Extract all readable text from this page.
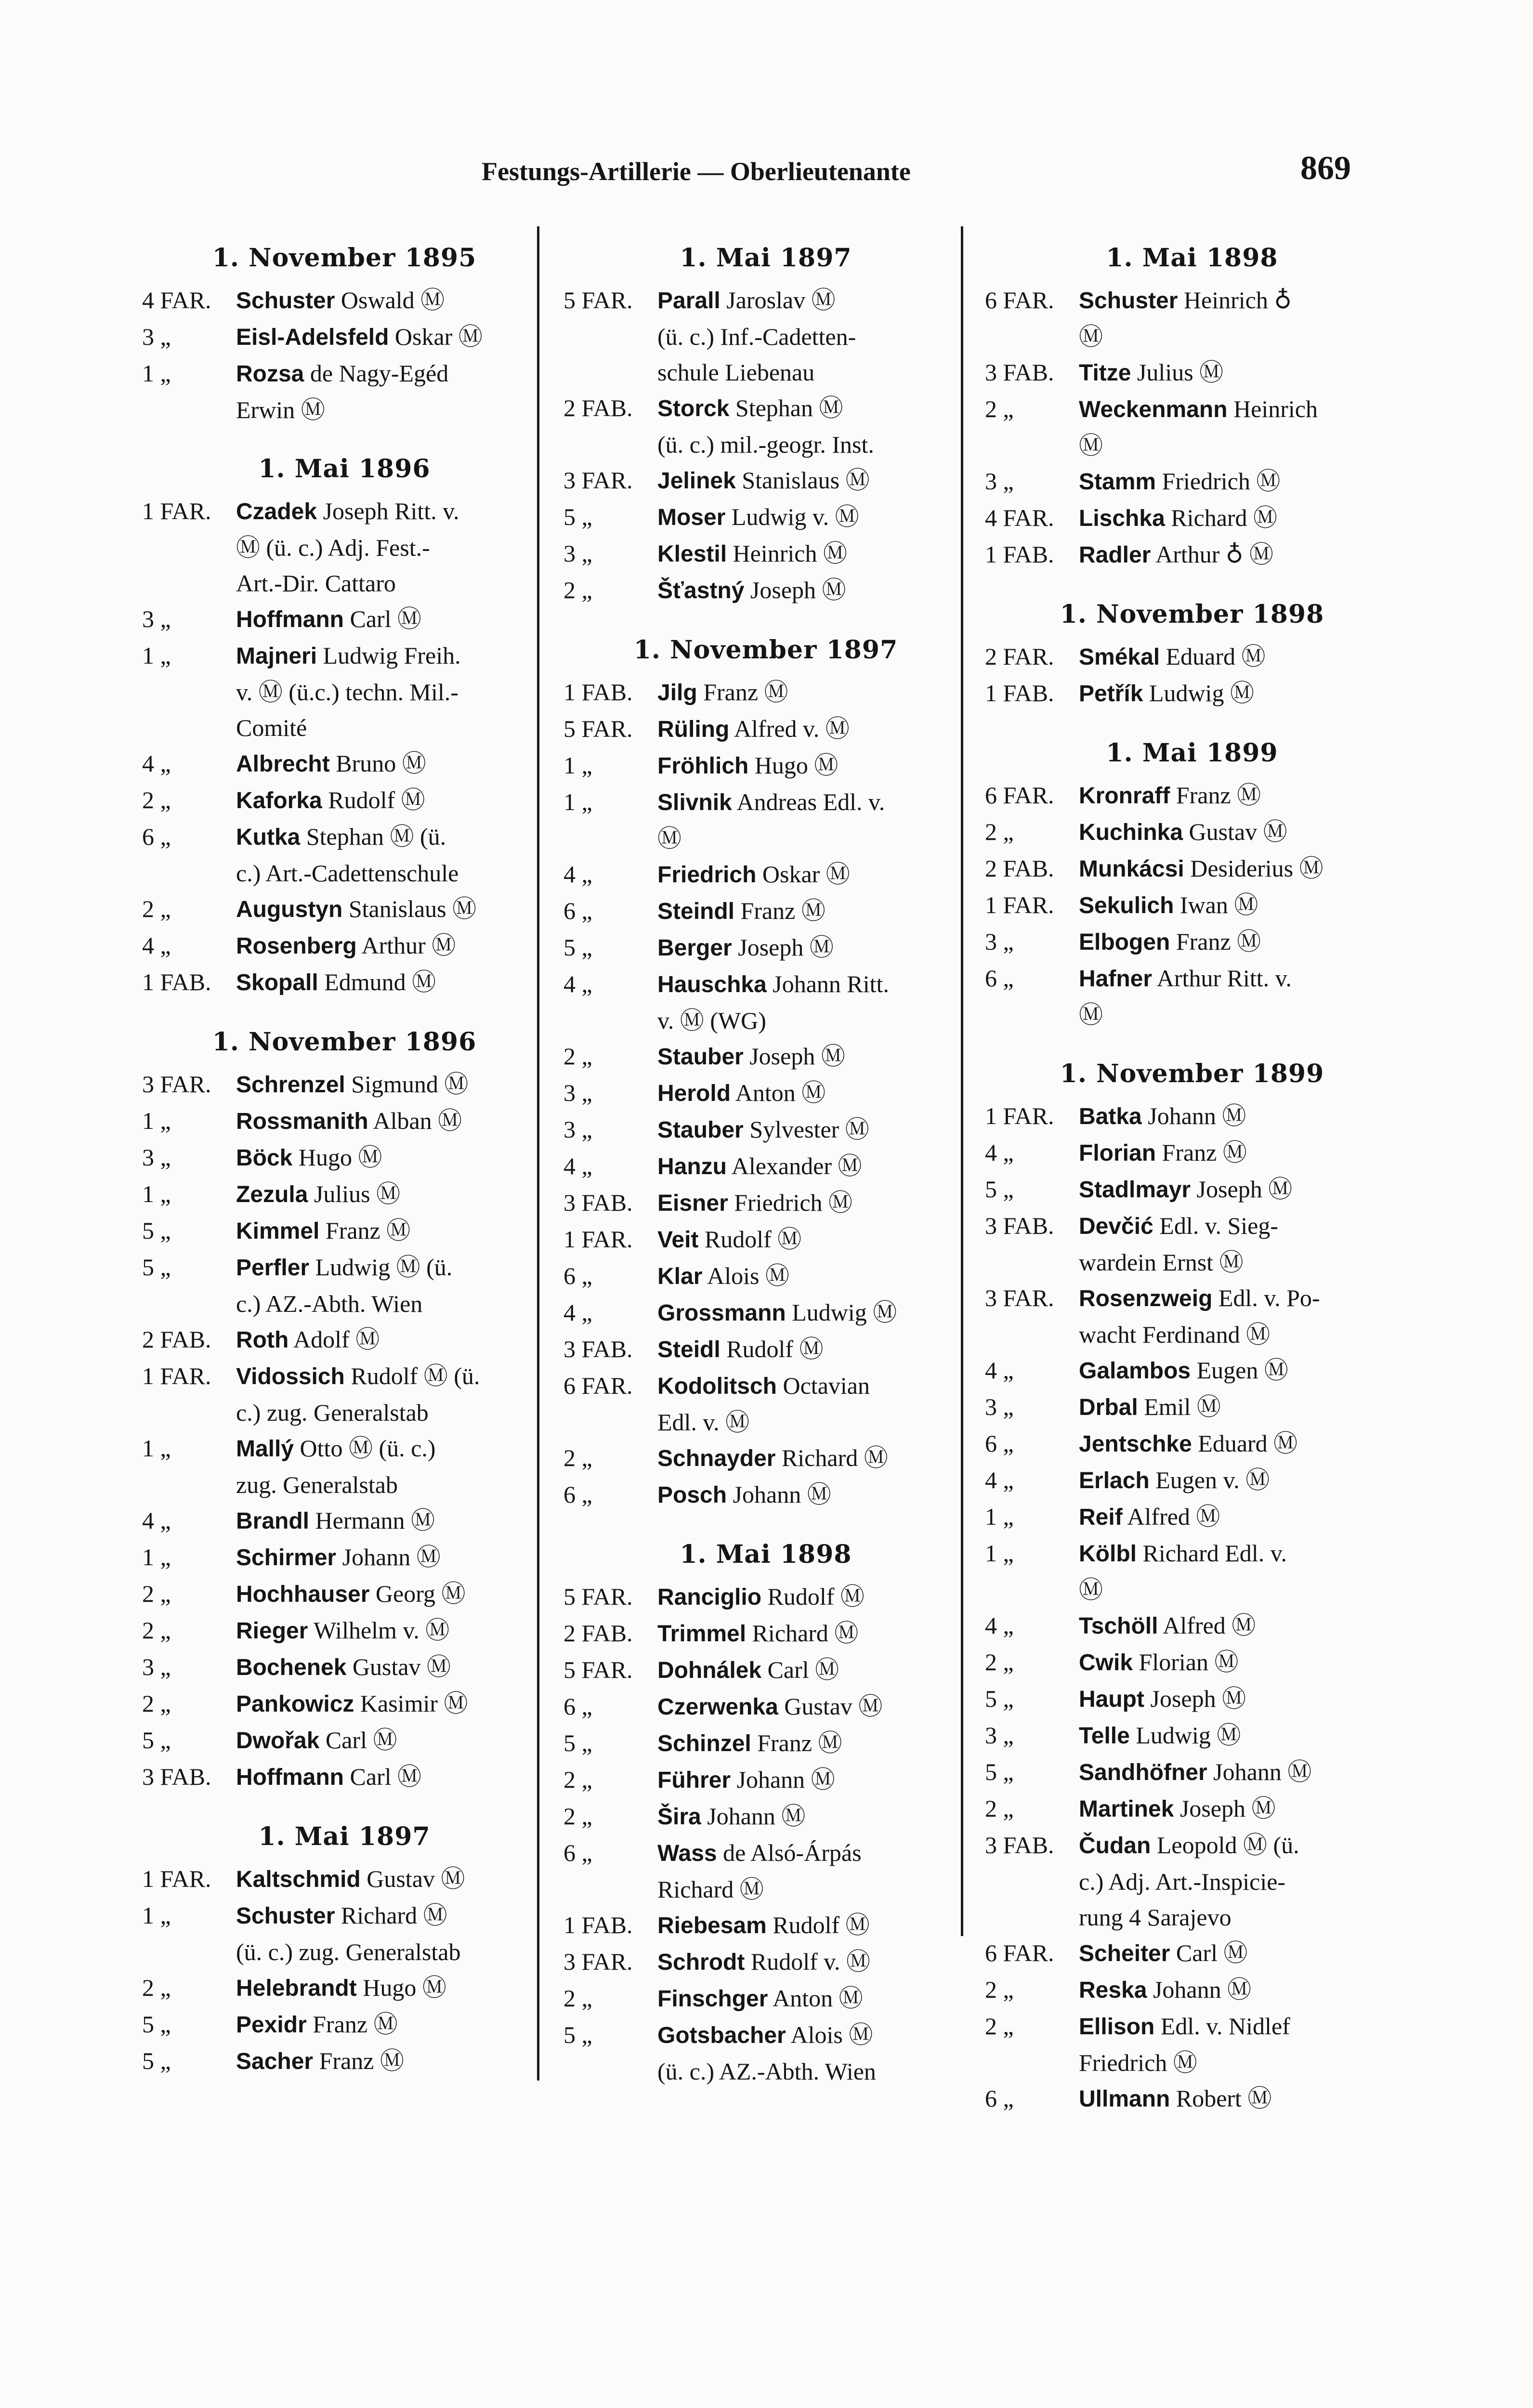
Festungs-Artillerie — Oberlieutenante	869
1. November 1895
4 FAR.	Schuster Oswald Ⓜ
3 „	Eisl-Adelsfeld Oskar Ⓜ
1 „	Rozsa de Nagy-Egéd
Erwin Ⓜ
1. Mai 1896
1 FAR.	Czadek Joseph Ritt. v.
Ⓜ (ü. c.) Adj. Fest.-
Art.-Dir. Cattaro
3 „	Hoffmann Carl Ⓜ
1 „	Majneri Ludwig Freih.
v. Ⓜ (ü.c.) techn. Mil.-
Comité
4 „	Albrecht Bruno Ⓜ
2 „	Kaforka Rudolf Ⓜ
6 „	Kutka Stephan Ⓜ (ü.
c.) Art.-Cadettenschule
2 „	Augustyn Stanislaus Ⓜ
4 „	Rosenberg Arthur Ⓜ
1 FAB.	Skopall Edmund Ⓜ
1. November 1896
3 FAR.	Schrenzel Sigmund Ⓜ
1 „	Rossmanith Alban Ⓜ
3 „	Böck Hugo Ⓜ
1 „	Zezula Julius Ⓜ
5 „	Kimmel Franz Ⓜ
5 „	Perfler Ludwig Ⓜ (ü.
c.) AZ.-Abth. Wien
2 FAB.	Roth Adolf Ⓜ
1 FAR.	Vidossich Rudolf Ⓜ (ü.
c.) zug. Generalstab
1 „	Mallý Otto Ⓜ (ü. c.)
zug. Generalstab
4 „	Brandl Hermann Ⓜ
1 „	Schirmer Johann Ⓜ
2 „	Hochhauser Georg Ⓜ
2 „	Rieger Wilhelm v. Ⓜ
3 „	Bochenek Gustav Ⓜ
2 „	Pankowicz Kasimir Ⓜ
5 „	Dwořak Carl Ⓜ
3 FAB.	Hoffmann Carl Ⓜ
1. Mai 1897
1 FAR.	Kaltschmid Gustav Ⓜ
1 „	Schuster Richard Ⓜ
(ü. c.) zug. Generalstab
2 „	Helebrandt Hugo Ⓜ
5 „	Pexidr Franz Ⓜ
5 „	Sacher Franz Ⓜ
1. Mai 1897
5 FAR.	Parall Jaroslav Ⓜ
(ü. c.) Inf.-Cadetten-
schule Liebenau
2 FAB.	Storck Stephan Ⓜ
(ü. c.) mil.-geogr. Inst.
3 FAR.	Jelinek Stanislaus Ⓜ
5 „	Moser Ludwig v. Ⓜ
3 „	Klestil Heinrich Ⓜ
2 „	Šťastný Joseph Ⓜ
1. November 1897
1 FAB.	Jilg Franz Ⓜ
5 FAR.	Rüling Alfred v. Ⓜ
1 „	Fröhlich Hugo Ⓜ
1 „	Slivnik Andreas Edl. v.
Ⓜ
4 „	Friedrich Oskar Ⓜ
6 „	Steindl Franz Ⓜ
5 „	Berger Joseph Ⓜ
4 „	Hauschka Johann Ritt.
v. Ⓜ (WG)
2 „	Stauber Joseph Ⓜ
3 „	Herold Anton Ⓜ
3 „	Stauber Sylvester Ⓜ
4 „	Hanzu Alexander Ⓜ
3 FAB.	Eisner Friedrich Ⓜ
1 FAR.	Veit Rudolf Ⓜ
6 „	Klar Alois Ⓜ
4 „	Grossmann Ludwig Ⓜ
3 FAB.	Steidl Rudolf Ⓜ
6 FAR.	Kodolitsch Octavian
Edl. v. Ⓜ
2 „	Schnayder Richard Ⓜ
6 „	Posch Johann Ⓜ
1. Mai 1898
5 FAR.	Ranciglio Rudolf Ⓜ
2 FAB.	Trimmel Richard Ⓜ
5 FAR.	Dohnálek Carl Ⓜ
6 „	Czerwenka Gustav Ⓜ
5 „	Schinzel Franz Ⓜ
2 „	Führer Johann Ⓜ
2 „	Šira Johann Ⓜ
6 „	Wass de Alsó-Árpás
Richard Ⓜ
1 FAB.	Riebesam Rudolf Ⓜ
3 FAR.	Schrodt Rudolf v. Ⓜ
2 „	Finschger Anton Ⓜ
5 „	Gotsbacher Alois Ⓜ
(ü. c.) AZ.-Abth. Wien
1. Mai 1898
6 FAR.	Schuster Heinrich ♁
Ⓜ
3 FAB.	Titze Julius Ⓜ
2 „	Weckenmann Heinrich
Ⓜ
3 „	Stamm Friedrich Ⓜ
4 FAR.	Lischka Richard Ⓜ
1 FAB.	Radler Arthur ♁ Ⓜ
1. November 1898
2 FAR.	Smékal Eduard Ⓜ
1 FAB.	Petřík Ludwig Ⓜ
1. Mai 1899
6 FAR.	Kronraff Franz Ⓜ
2 „	Kuchinka Gustav Ⓜ
2 FAB.	Munkácsi Desiderius Ⓜ
1 FAR.	Sekulich Iwan Ⓜ
3 „	Elbogen Franz Ⓜ
6 „	Hafner Arthur Ritt. v.
Ⓜ
1. November 1899
1 FAR.	Batka Johann Ⓜ
4 „	Florian Franz Ⓜ
5 „	Stadlmayr Joseph Ⓜ
3 FAB.	Devčić Edl. v. Sieg-
wardein Ernst Ⓜ
3 FAR.	Rosenzweig Edl. v. Po-
wacht Ferdinand Ⓜ
4 „	Galambos Eugen Ⓜ
3 „	Drbal Emil Ⓜ
6 „	Jentschke Eduard Ⓜ
4 „	Erlach Eugen v. Ⓜ
1 „	Reif Alfred Ⓜ
1 „	Kölbl Richard Edl. v.
Ⓜ
4 „	Tschöll Alfred Ⓜ
2 „	Cwik Florian Ⓜ
5 „	Haupt Joseph Ⓜ
3 „	Telle Ludwig Ⓜ
5 „	Sandhöfner Johann Ⓜ
2 „	Martinek Joseph Ⓜ
3 FAB.	Čudan Leopold Ⓜ (ü.
c.) Adj. Art.-Inspicie-
rung 4 Sarajevo
6 FAR.	Scheiter Carl Ⓜ
2 „	Reska Johann Ⓜ
2 „	Ellison Edl. v. Nidlef
Friedrich Ⓜ
6 „	Ullmann Robert Ⓜ
